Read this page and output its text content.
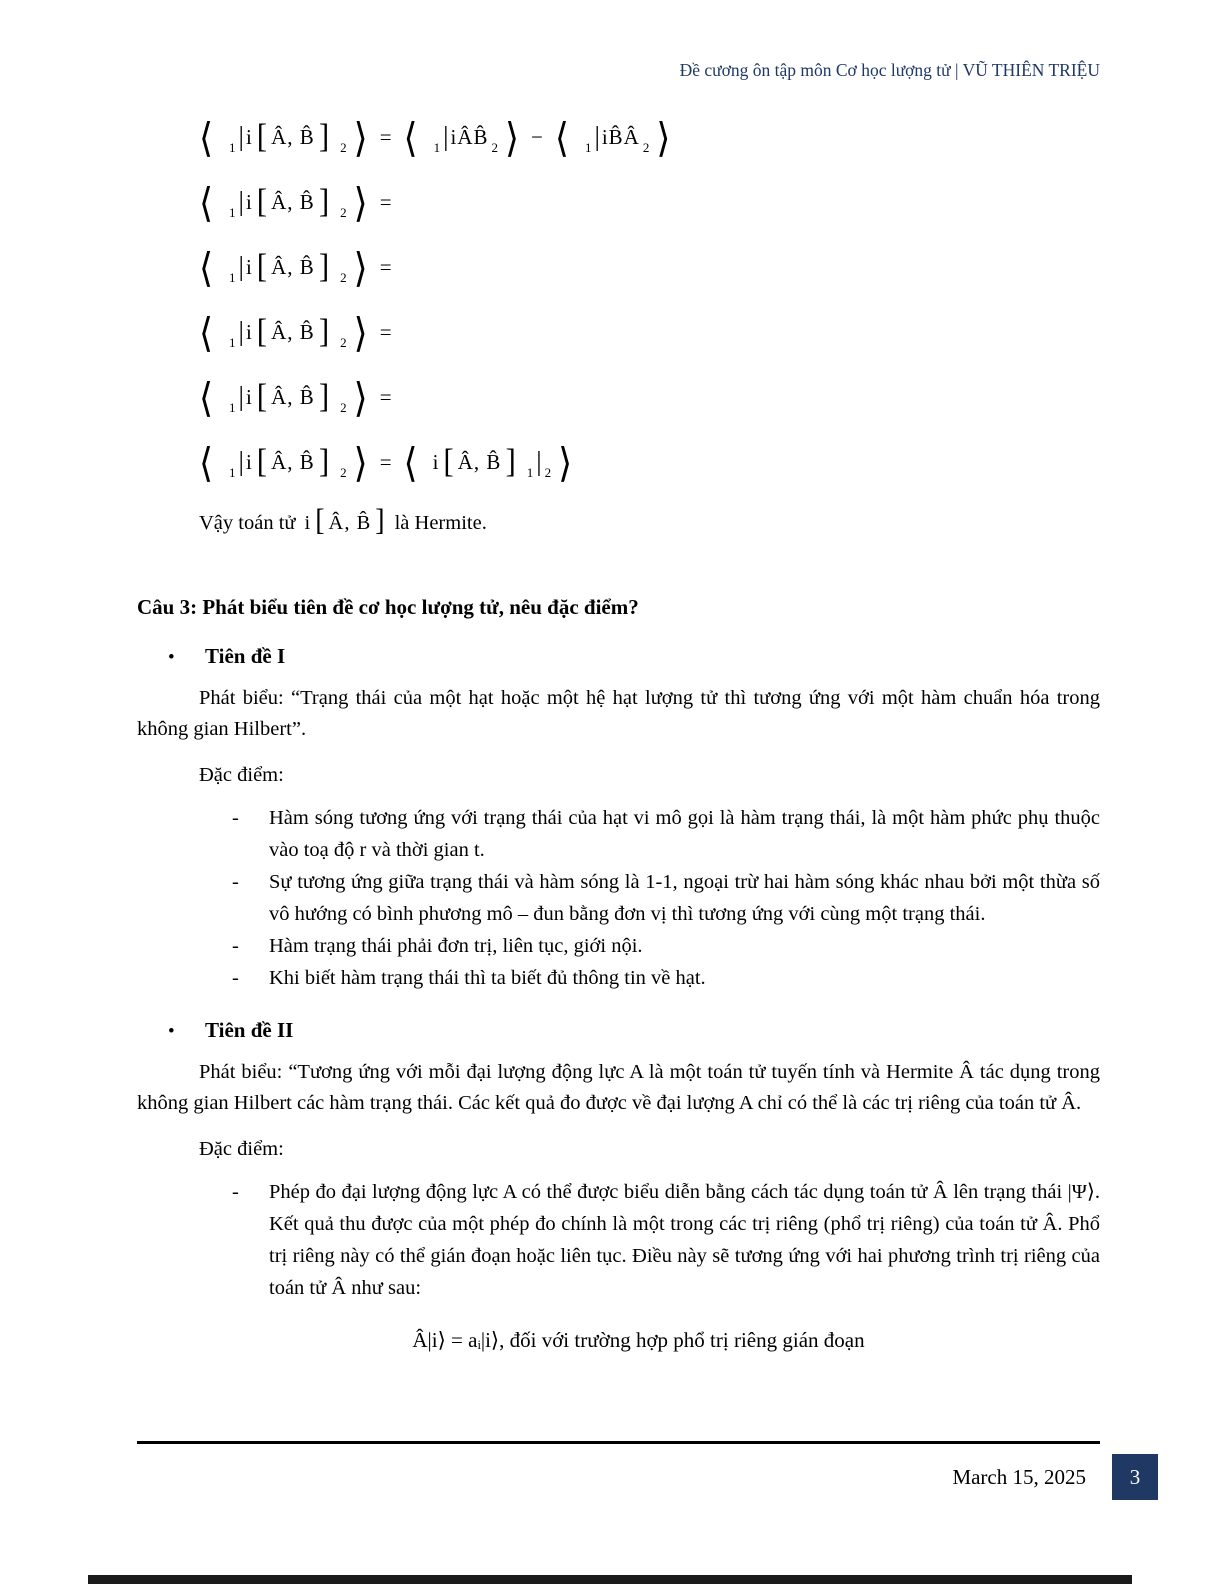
Đề cương ôn tập môn Cơ học lượng tử | VŨ THIÊN TRIỆU
⟨ 1 | i [ Â, B̂ ] 2 ⟩ = ⟨ 1 | iÂB̂ 2 ⟩ − ⟨ 1 | iB̂Â 2 ⟩
⟨ 1 | i [ Â, B̂ ] 2 ⟩ =
⟨ 1 | i [ Â, B̂ ] 2 ⟩ =
⟨ 1 | i [ Â, B̂ ] 2 ⟩ =
⟨ 1 | i [ Â, B̂ ] 2 ⟩ =
⟨ 1 | i [ Â, B̂ ] 2 ⟩ = ⟨ i [ Â, B̂ ] 1 | 2 ⟩
Vậy toán tử i [ Â, B̂ ] là Hermite.
Câu 3: Phát biểu tiên đề cơ học lượng tử, nêu đặc điểm?
•	Tiên đề I
Phát biểu: “Trạng thái của một hạt hoặc một hệ hạt lượng tử thì tương ứng với một hàm chuẩn hóa trong không gian Hilbert”.
Đặc điểm:
-	Hàm sóng tương ứng với trạng thái của hạt vi mô gọi là hàm trạng thái, là một hàm phức phụ thuộc vào toạ độ r và thời gian t.
-	Sự tương ứng giữa trạng thái và hàm sóng là 1-1, ngoại trừ hai hàm sóng khác nhau bởi một thừa số vô hướng có bình phương mô – đun bằng đơn vị thì tương ứng với cùng một trạng thái.
-	Hàm trạng thái phải đơn trị, liên tục, giới nội.
-	Khi biết hàm trạng thái thì ta biết đủ thông tin về hạt.
•	Tiên đề II
Phát biểu: “Tương ứng với mỗi đại lượng động lực A là một toán tử tuyến tính và Hermite Â tác dụng trong không gian Hilbert các hàm trạng thái. Các kết quả đo được về đại lượng A chỉ có thể là các trị riêng của toán tử Â.
Đặc điểm:
-	Phép đo đại lượng động lực A có thể được biểu diễn bằng cách tác dụng toán tử Â lên trạng thái |Ψ⟩. Kết quả thu được của một phép đo chính là một trong các trị riêng (phổ trị riêng) của toán tử Â. Phổ trị riêng này có thể gián đoạn hoặc liên tục. Điều này sẽ tương ứng với hai phương trình trị riêng của toán tử Â như sau:
Â|i⟩ = aᵢ|i⟩, đối với trường hợp phổ trị riêng gián đoạn
March 15, 2025 3
